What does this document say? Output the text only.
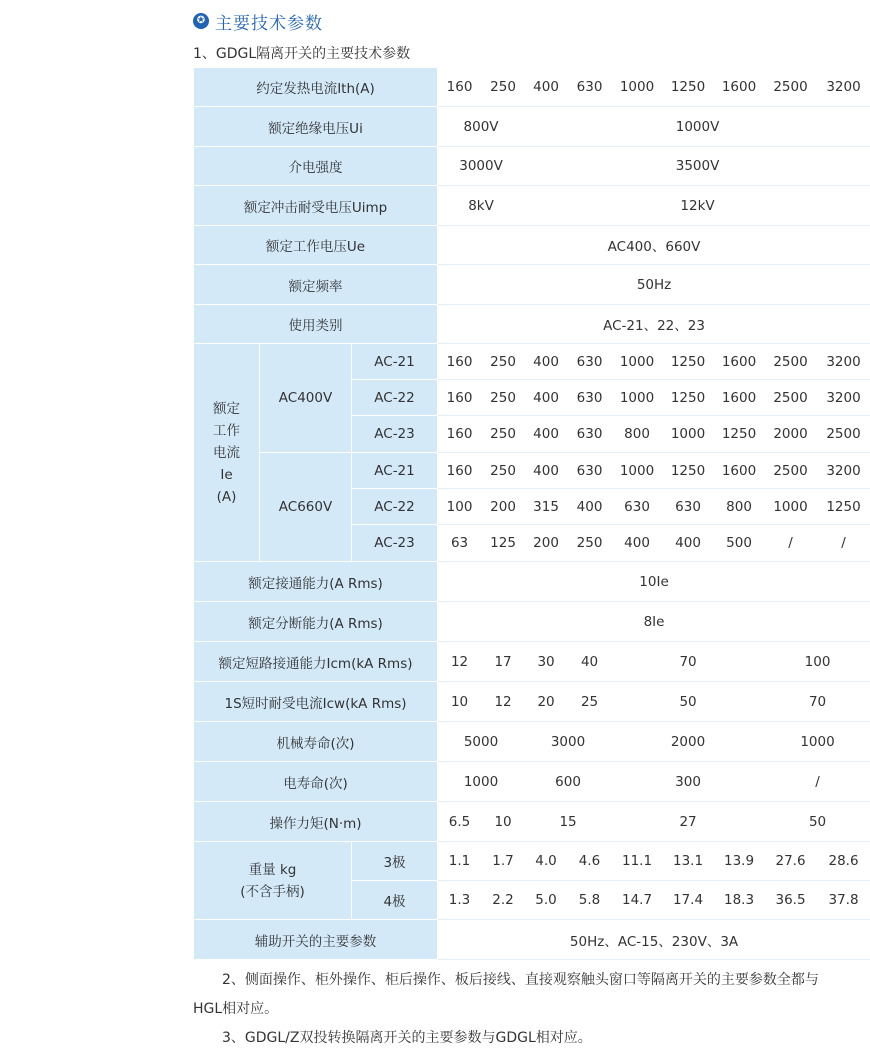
✪ 主要技术参数
1、GDGL隔离开关的主要技术参数
约定发热电流Ith(A)			160	250	400	630	1000	1250	1600	2500	3200
额定绝缘电压Ui			800V		1000V						
介电强度			3000V		3500V						
额定冲击耐受电压Uimp			8kV		12kV						
额定工作电压Ue			AC400、660V								
额定频率			50Hz								
使用类别			AC-21、22、23								

额定
工作
电流
Ie
(A)	AC400V	AC-21	160	250	400	630	1000	1250	1600	2500	3200
		AC-22	160	250	400	630	1000	1250	1600	2500	3200
		AC-23	160	250	400	630	800	1000	1250	2000	2500
	AC660V	AC-21	160	250	400	630	1000	1250	1600	2500	3200
		AC-22	100	200	315	400	630	630	800	1000	1250
		AC-23	63	125	200	250	400	400	500	/	/
额定接通能力(A Rms)			10Ie								
额定分断能力(A Rms)			8Ie								
额定短路接通能力Icm(kA Rms)			12	17	30	40	70			100	
1S短时耐受电流Icw(kA Rms)			10	12	20	25	50			70	
机械寿命(次)			5000		3000		2000			1000	
电寿命(次)			1000		600		300			/	
操作力矩(N·m)			6.5	10	15		27			50	

重量 kg
(不含手柄)		3极	1.1	1.7	4.0	4.6	11.1	13.1	13.9	27.6	28.6
		4极	1.3	2.2	5.0	5.8	14.7	17.4	18.3	36.5	37.8
辅助开关的主要参数			50Hz、AC-15、230V、3A								
2、侧面操作、柜外操作、柜后操作、板后接线、直接观察触头窗口等隔离开关的主要参数全都与
HGL相对应。
3、GDGL/Z双投转换隔离开关的主要参数与GDGL相对应。
